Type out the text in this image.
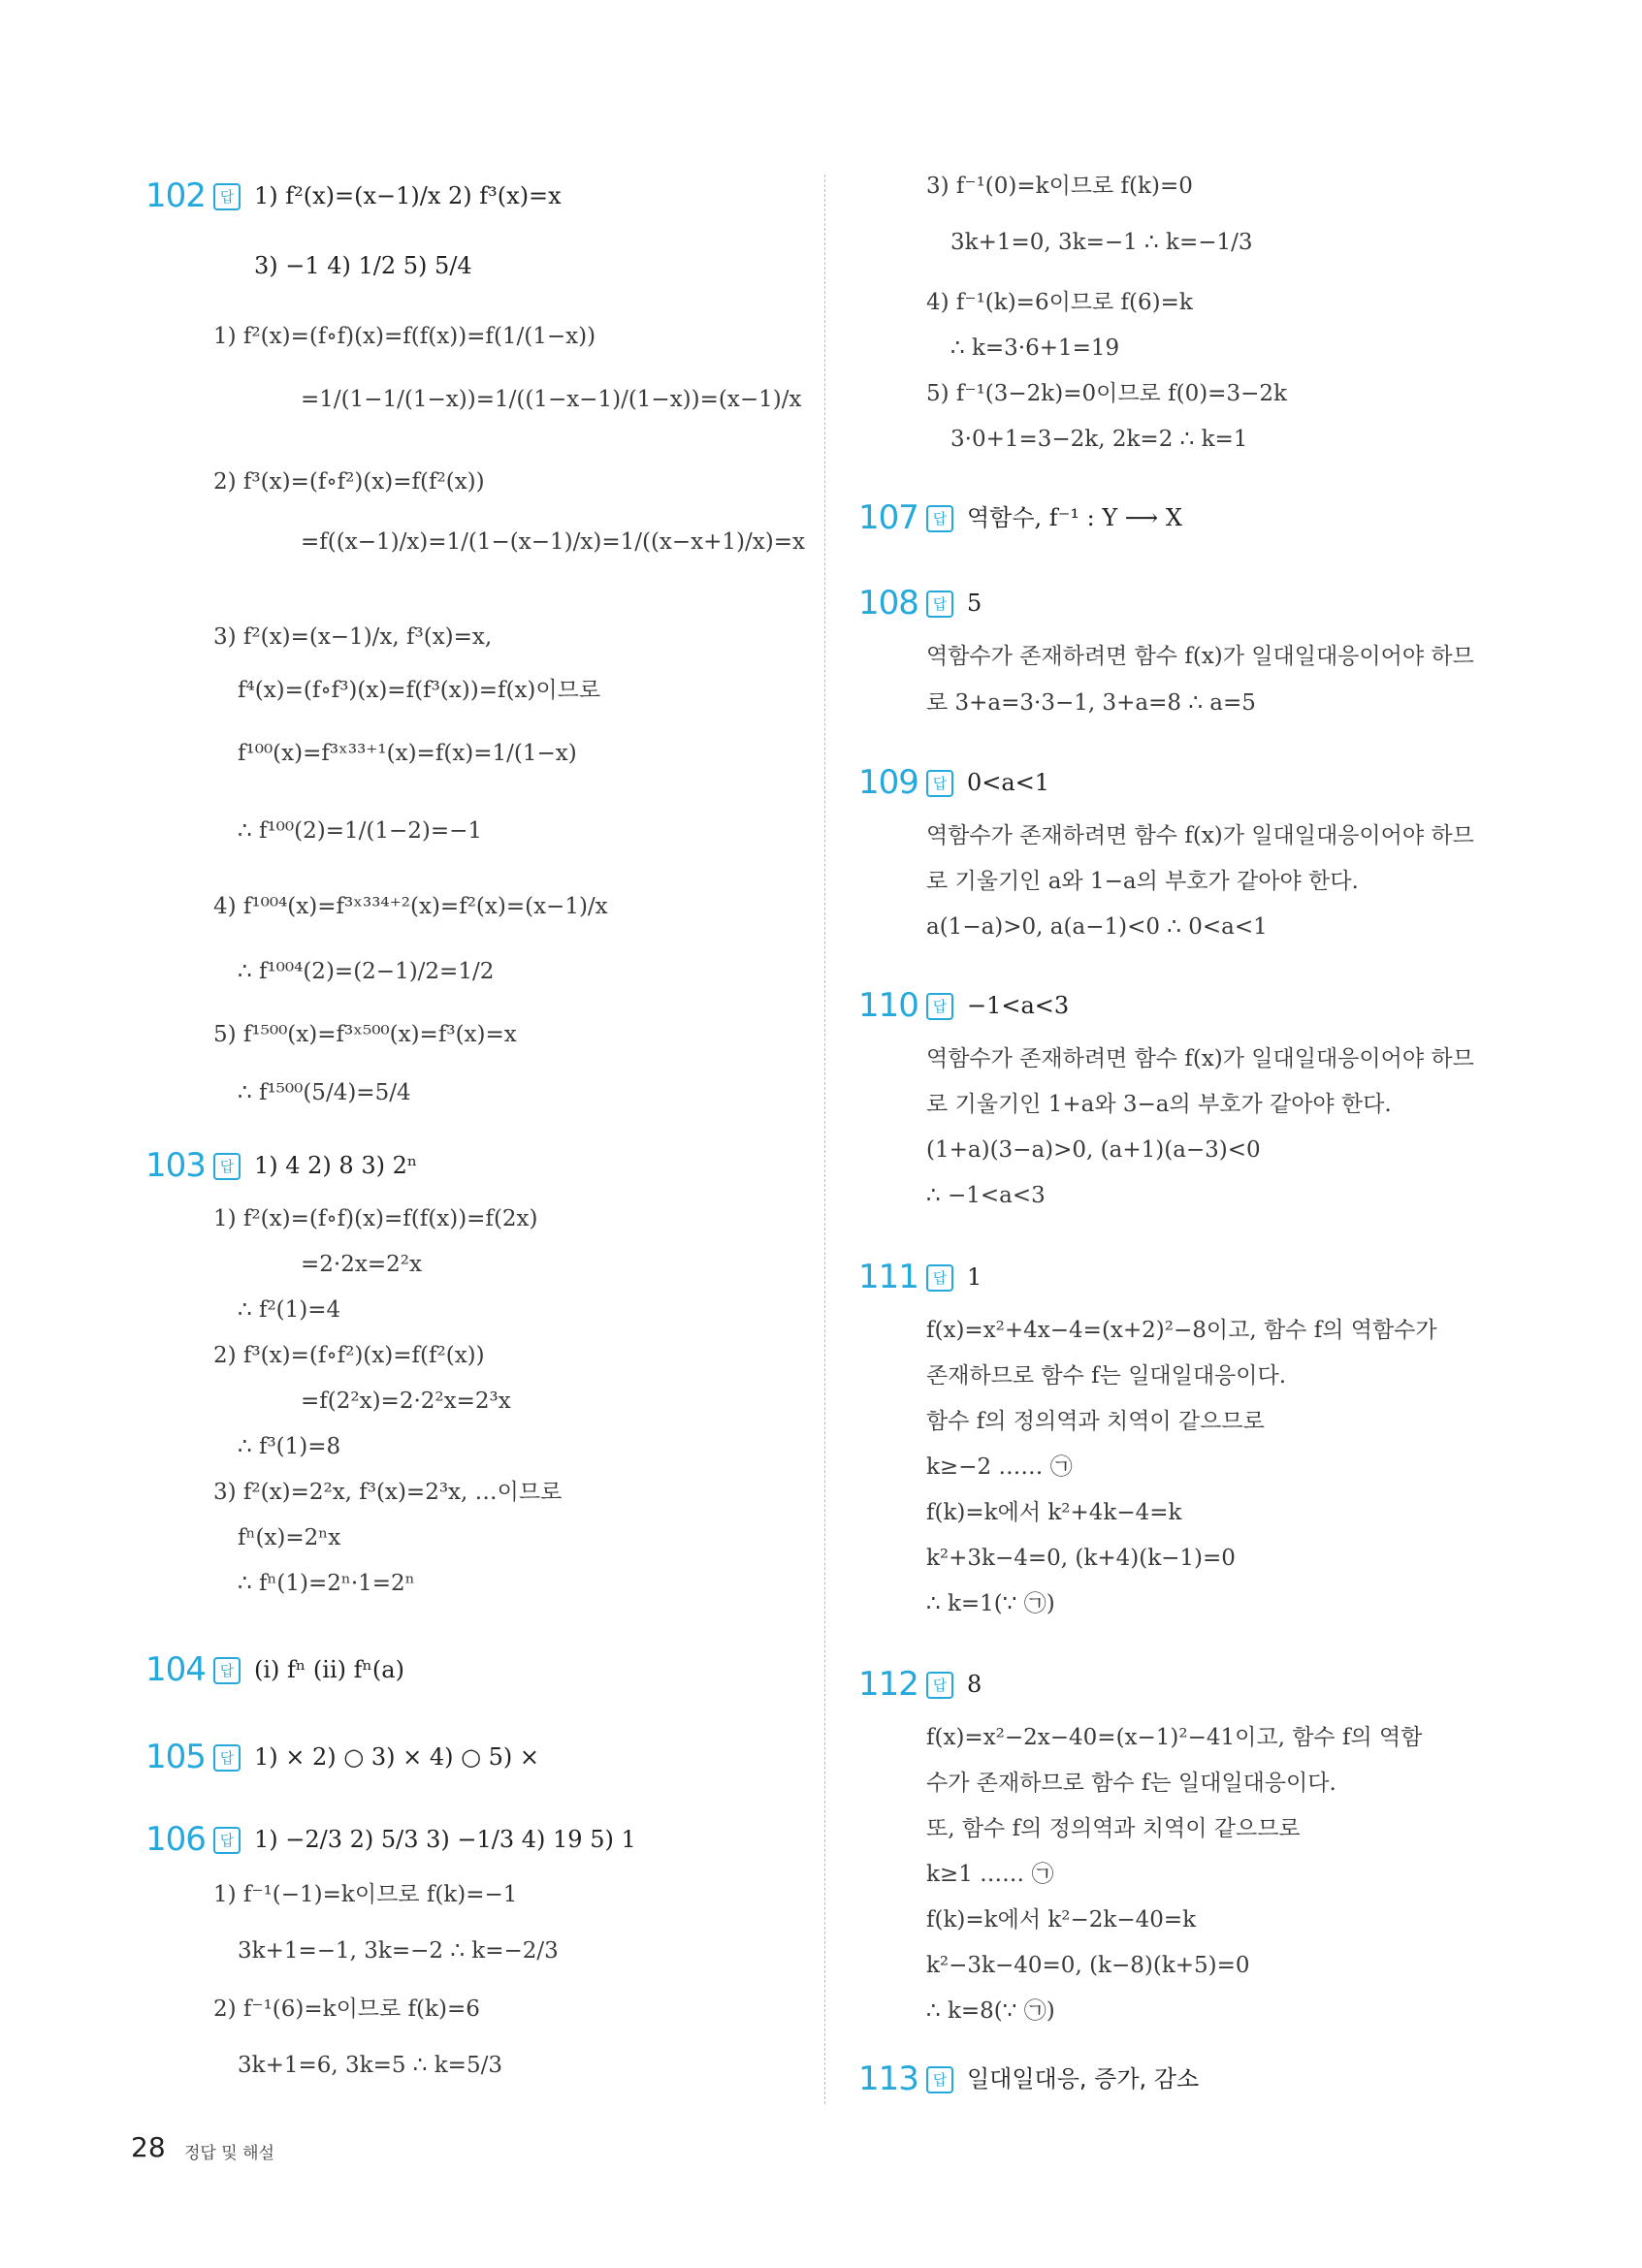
102 답 1) f²(x)=(x−1)/x 2) f³(x)=x
3) −1 4) 1/2 5) 5/4
1) f²(x)=(f∘f)(x)=f(f(x))=f(1/(1−x))
=1/(1−1/(1−x))=1/((1−x−1)/(1−x))=(x−1)/x
2) f³(x)=(f∘f²)(x)=f(f²(x))
=f((x−1)/x)=1/(1−(x−1)/x)=1/((x−x+1)/x)=x
3) f²(x)=(x−1)/x, f³(x)=x,
f⁴(x)=(f∘f³)(x)=f(f³(x))=f(x)이므로
f¹⁰⁰(x)=f³ˣ³³⁺¹(x)=f(x)=1/(1−x)
∴ f¹⁰⁰(2)=1/(1−2)=−1
4) f¹⁰⁰⁴(x)=f³ˣ³³⁴⁺²(x)=f²(x)=(x−1)/x
∴ f¹⁰⁰⁴(2)=(2−1)/2=1/2
5) f¹⁵⁰⁰(x)=f³ˣ⁵⁰⁰(x)=f³(x)=x
∴ f¹⁵⁰⁰(5/4)=5/4
103 답 1) 4 2) 8 3) 2ⁿ
1) f²(x)=(f∘f)(x)=f(f(x))=f(2x)
=2·2x=2²x
∴ f²(1)=4
2) f³(x)=(f∘f²)(x)=f(f²(x))
=f(2²x)=2·2²x=2³x
∴ f³(1)=8
3) f²(x)=2²x, f³(x)=2³x, …이므로
fⁿ(x)=2ⁿx
∴ fⁿ(1)=2ⁿ·1=2ⁿ
104 답 (i) fⁿ (ii) fⁿ(a)
105 답 1) × 2) ○ 3) × 4) ○ 5) ×
106 답 1) −2/3 2) 5/3 3) −1/3 4) 19 5) 1
1) f⁻¹(−1)=k이므로 f(k)=−1
3k+1=−1, 3k=−2 ∴ k=−2/3
2) f⁻¹(6)=k이므로 f(k)=6
3k+1=6, 3k=5 ∴ k=5/3
3) f⁻¹(0)=k이므로 f(k)=0
3k+1=0, 3k=−1 ∴ k=−1/3
4) f⁻¹(k)=6이므로 f(6)=k
∴ k=3·6+1=19
5) f⁻¹(3−2k)=0이므로 f(0)=3−2k
3·0+1=3−2k, 2k=2 ∴ k=1
107 답 역함수, f⁻¹ : Y ⟶ X
108 답 5
역함수가 존재하려면 함수 f(x)가 일대일대응이어야 하므
로 3+a=3·3−1, 3+a=8 ∴ a=5
109 답 0<a<1
역함수가 존재하려면 함수 f(x)가 일대일대응이어야 하므
로 기울기인 a와 1−a의 부호가 같아야 한다.
a(1−a)>0, a(a−1)<0 ∴ 0<a<1
110 답 −1<a<3
역함수가 존재하려면 함수 f(x)가 일대일대응이어야 하므
로 기울기인 1+a와 3−a의 부호가 같아야 한다.
(1+a)(3−a)>0, (a+1)(a−3)<0
∴ −1<a<3
111 답 1
f(x)=x²+4x−4=(x+2)²−8이고, 함수 f의 역함수가
존재하므로 함수 f는 일대일대응이다.
함수 f의 정의역과 치역이 같으므로
k≥−2 …… ㉠
f(k)=k에서 k²+4k−4=k
k²+3k−4=0, (k+4)(k−1)=0
∴ k=1(∵ ㉠)
112 답 8
f(x)=x²−2x−40=(x−1)²−41이고, 함수 f의 역함
수가 존재하므로 함수 f는 일대일대응이다.
또, 함수 f의 정의역과 치역이 같으므로
k≥1 …… ㉠
f(k)=k에서 k²−2k−40=k
k²−3k−40=0, (k−8)(k+5)=0
∴ k=8(∵ ㉠)
113 답 일대일대응, 증가, 감소
28 정답 및 해설
